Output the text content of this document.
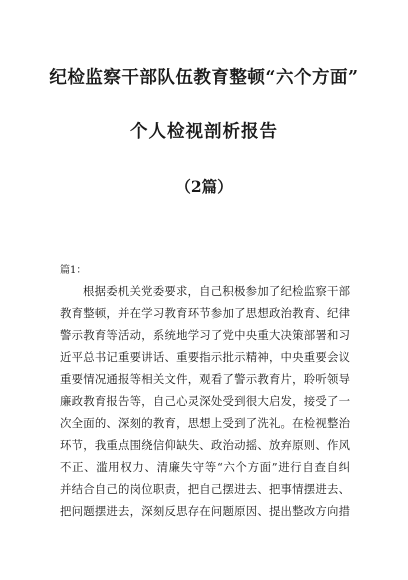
纪检监察干部队伍教育整顿“六个方面”
个人检视剖析报告
（2篇）
篇1：
根据委机关党委要求，自己积极参加了纪检监察干部
教育整顿，并在学习教育环节参加了思想政治教育、纪律
警示教育等活动，系统地学习了党中央重大决策部署和习
近平总书记重要讲话、重要指示批示精神，中央重要会议
重要情况通报等相关文件，观看了警示教育片，聆听领导
廉政教育报告等，自己心灵深处受到很大启发，接受了一
次全面的、深刻的教育，思想上受到了洗礼。在检视整治
环节，我重点围绕信仰缺失、政治动摇、放弃原则、作风
不正、滥用权力、清廉失守等“六个方面”进行自查自纠
并结合自己的岗位职责，把自己摆进去、把事情摆进去、
把问题摆进去，深刻反思存在问题原因、提出整改方向措
